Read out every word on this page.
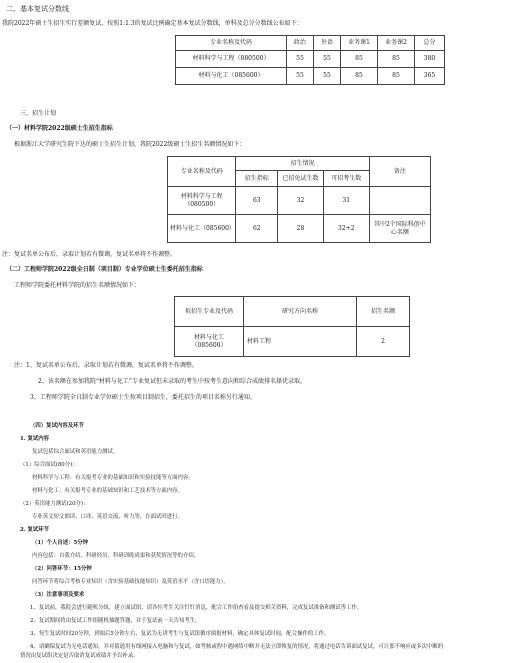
二、基本复试分数线
我院2022年硕士生招生实行差额复试，按照1:1.3的复试比例确定基本复试分数线，单科及总分分数线公布如下：
专业名称及代码	政治	外语	业务课1	业务课2	总分
材料科学与工程（080500）	55	55	85	85	380
材料与化工（085600）	55	55	85	85	365
三、招生计划
（一）材料学院2022级硕士生招生指标
根据浙江大学研究生院下达的硕士生招生计划，我院2022级硕士生招生名额情况如下：
专业名称及代码	招生情况			备注
	招生指标	已招免试生数	可招考生数	
材料科学与工程（080500）	63	32	31	
材料与化工（085600）	62	28	32+2	其中2个国际科创中心名额
注：复试名单公布后，录取计划若有微调，复试名单将不作调整。
（二）工程师学院2022级全日制（项目制）专业学位硕士生委托招生指标
工程师学院委托材料学院的招生名额情况如下：
拟招生专业及代码	研究方向名称	招生名额
材料与化工（085600）	材料工程	2
注：1、复试名单公布后，录取计划若有微调，复试名单将不作调整。
2、该名额在参加我院“材料与化工”专业复试但未录取的考生中按考生意向和综合成绩排名择优录取。
3、工程师学院全日制专业学位硕士生按项目制招生，委托招生的项目名称另行通知。
（四）复试内容及环节
1. 复试内容
复试包括综合面试和英语能力测试。
（1）综合面试(80分)：
材料科学与工程：有关报考专业的基础知识和实验技能等方面内容。
材料与化工：有关报考专业的基础知识和工艺技术等方面内容。
（2）英语能力测试(20分)：
专业英文短文朗读、口译、英语交流、听力等，在面试时进行。
2. 复试环节
（1）个人自述：5分钟
内容包括：自我介绍、科研经历、科研训练成果和获奖情况等的介绍。
（2）问答环节：15分钟
问答环节将综合考核专业知识（含实验基础技能知识）及英语水平（含口语能力）。
（3）注意事项及要求
1、复试前，我院会进行随机分组，建立面试组，请各位考生关注钉钉消息，配合工作组查看及提交相关资料，完成复试准备和测试等工作。
2、复试期间将由复试工作组随机抽题答题，并于复试前一天告知考生。
3、每生复试时间20分钟，到阅后5分钟左右，复试为无讲考生与复试组循序阅报材料，确定具体复试时间，配合操作的工作。
4、请确保复试为无电话通知，并对留通用有线网接入电脑和与复试，如考核或程中遇网络中断并无法立即恢复的情况，将通过电话告诉面试复试，可让那不响应或多次中断的
情况由复试组决定是否取消复试成绩并予以补录。
